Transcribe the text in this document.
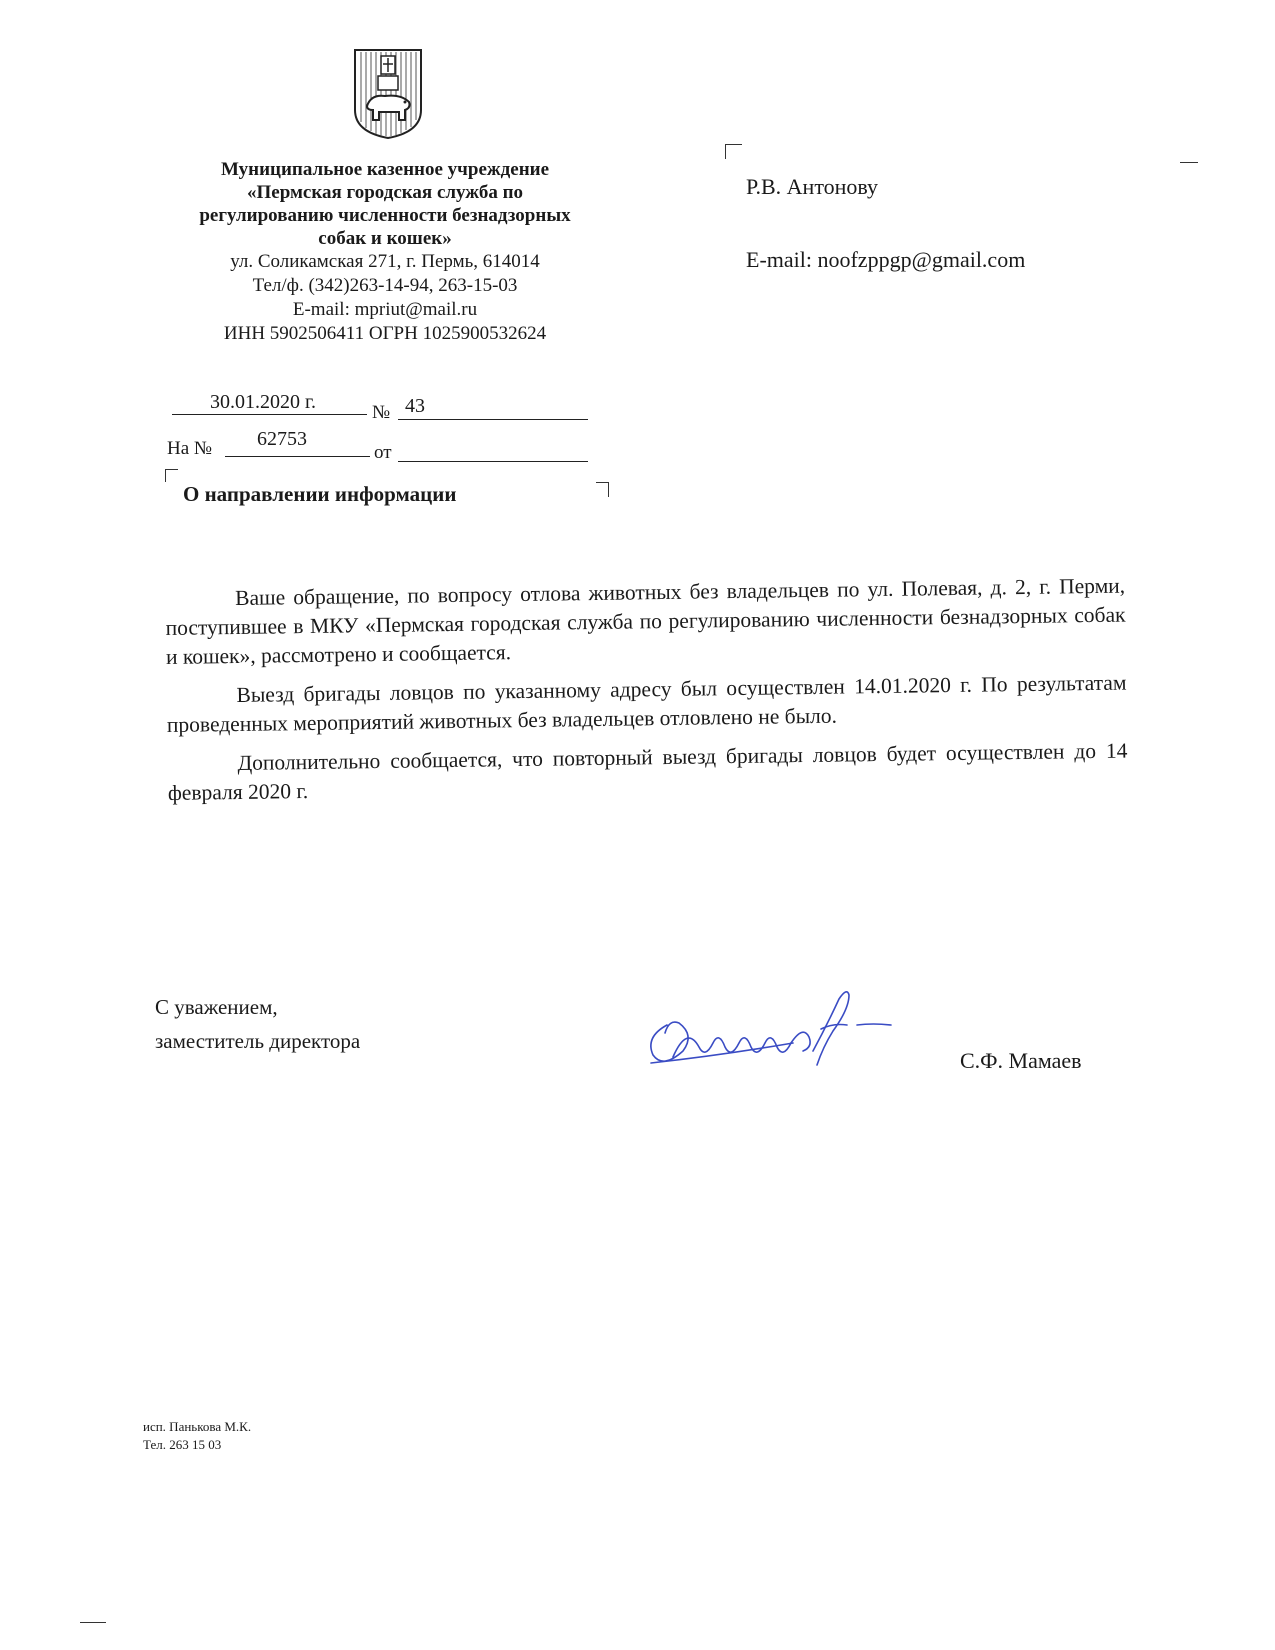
Муниципальное казенное учреждение
«Пермская городская служба по
регулированию численности безнадзорных
собак и кошек»
ул. Соликамская 271, г. Пермь, 614014
Тел/ф. (342)263-14-94, 263-15-03
E-mail: mpriut@mail.ru
ИНН 5902506411 ОГРН 1025900532624
Р.В. Антонову
E-mail: noofzppgp@gmail.com
30.01.2020 г.	№ 43
На № 62753
от
О направлении информации

Ваше обращение, по вопросу отлова животных без владельцев по ул. Полевая, д. 2, г. Перми, поступившее в МКУ «Пермская городская служба по регулированию численности безнадзорных собак и кошек», рассмотрено и сообщается.

Выезд бригады ловцов по указанному адресу был осуществлен 14.01.2020 г. По результатам проведенных мероприятий животных без владельцев отловлено не было.

Дополнительно сообщается, что повторный выезд бригады ловцов будет осуществлен до 14 февраля 2020 г.

С уважением,
заместитель директора
С.Ф. Мамаев
исп. Панькова М.К.
Тел. 263 15 03
